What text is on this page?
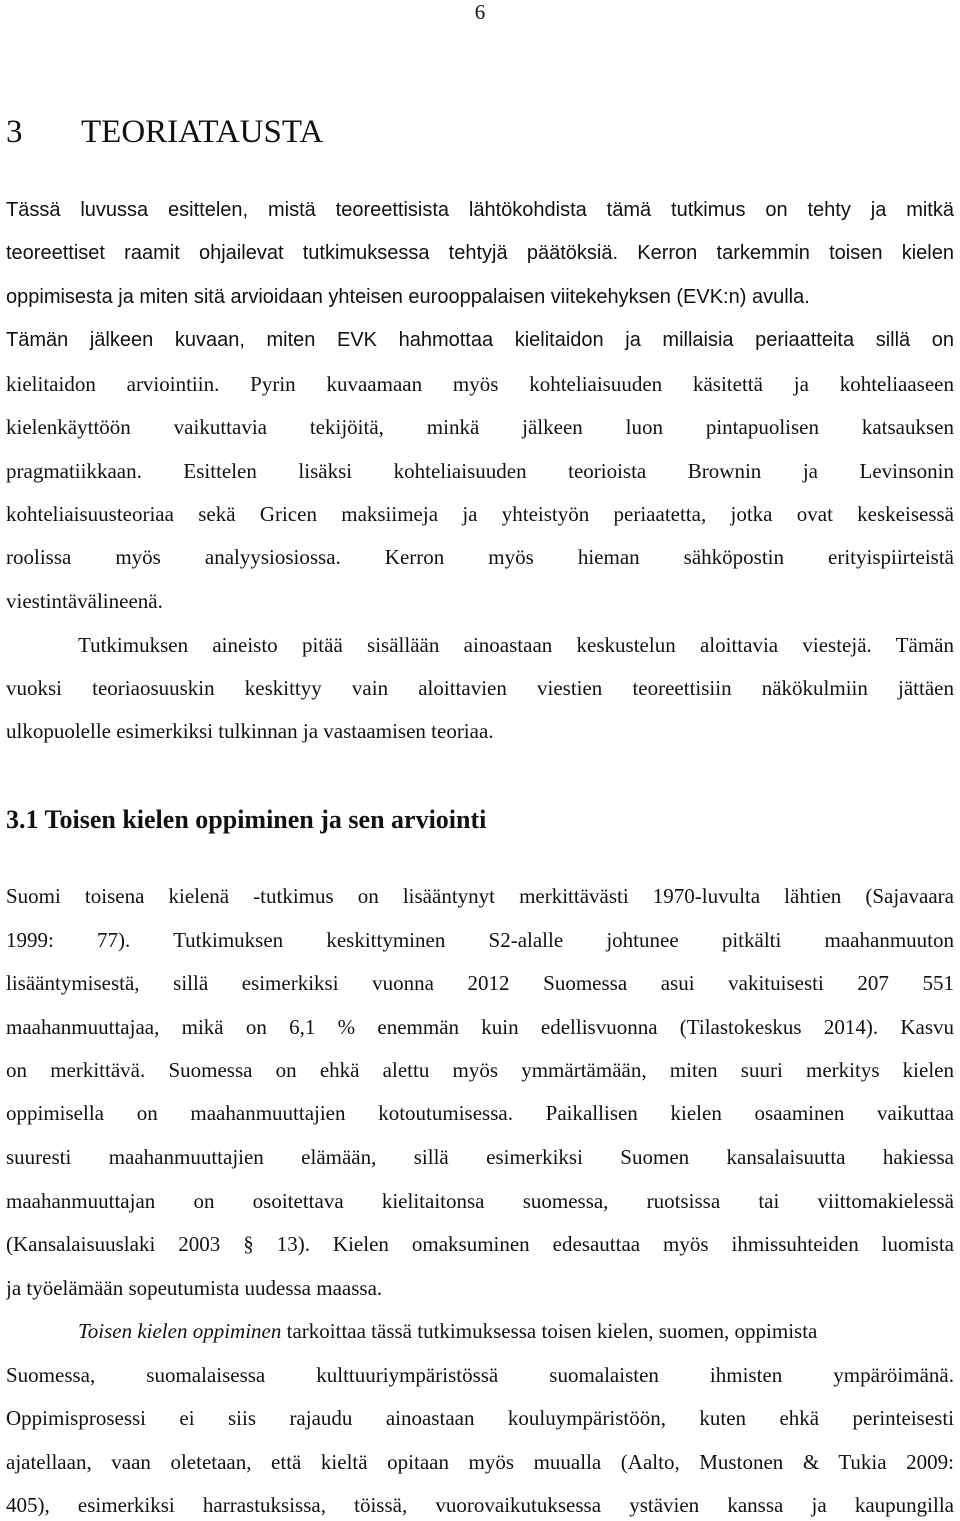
6
3 TEORIATAUSTA
Tässä luvussa esittelen, mistä teoreettisista lähtökohdista tämä tutkimus on tehty ja mitkä
teoreettiset raamit ohjailevat tutkimuksessa tehtyjä päätöksiä. Kerron tarkemmin toisen kielen
oppimisesta ja miten sitä arvioidaan yhteisen eurooppalaisen viitekehyksen (EVK:n) avulla.
Tämän jälkeen kuvaan, miten EVK hahmottaa kielitaidon ja millaisia periaatteita sillä on
kielitaidon arviointiin. Pyrin kuvaamaan myös kohteliaisuuden käsitettä ja kohteliaaseen
kielenkäyttöön vaikuttavia tekijöitä, minkä jälkeen luon pintapuolisen katsauksen
pragmatiikkaan. Esittelen lisäksi kohteliaisuuden teorioista Brownin ja Levinsonin
kohteliaisuusteoriaa sekä Gricen maksiimeja ja yhteistyön periaatetta, jotka ovat keskeisessä
roolissa myös analyysiosiossa. Kerron myös hieman sähköpostin erityispiirteistä
viestintävälineenä.
Tutkimuksen aineisto pitää sisällään ainoastaan keskustelun aloittavia viestejä. Tämän
vuoksi teoriaosuuskin keskittyy vain aloittavien viestien teoreettisiin näkökulmiin jättäen
ulkopuolelle esimerkiksi tulkinnan ja vastaamisen teoriaa.
3.1 Toisen kielen oppiminen ja sen arviointi
Suomi toisena kielenä -tutkimus on lisääntynyt merkittävästi 1970-luvulta lähtien (Sajavaara
1999: 77). Tutkimuksen keskittyminen S2-alalle johtunee pitkälti maahanmuuton
lisääntymisestä, sillä esimerkiksi vuonna 2012 Suomessa asui vakituisesti 207 551
maahanmuuttajaa, mikä on 6,1 % enemmän kuin edellisvuonna (Tilastokeskus 2014). Kasvu
on merkittävä. Suomessa on ehkä alettu myös ymmärtämään, miten suuri merkitys kielen
oppimisella on maahanmuuttajien kotoutumisessa. Paikallisen kielen osaaminen vaikuttaa
suuresti maahanmuuttajien elämään, sillä esimerkiksi Suomen kansalaisuutta hakiessa
maahanmuuttajan on osoitettava kielitaitonsa suomessa, ruotsissa tai viittomakielessä
(Kansalaisuuslaki 2003 § 13). Kielen omaksuminen edesauttaa myös ihmissuhteiden luomista
ja työelämään sopeutumista uudessa maassa.
Toisen kielen oppiminen tarkoittaa tässä tutkimuksessa toisen kielen, suomen, oppimista
Suomessa, suomalaisessa kulttuuriympäristössä suomalaisten ihmisten ympäröimänä.
Oppimisprosessi ei siis rajaudu ainoastaan kouluympäristöön, kuten ehkä perinteisesti
ajatellaan, vaan oletetaan, että kieltä opitaan myös muualla (Aalto, Mustonen & Tukia 2009:
405), esimerkiksi harrastuksissa, töissä, vuorovaikutuksessa ystävien kanssa ja kaupungilla
